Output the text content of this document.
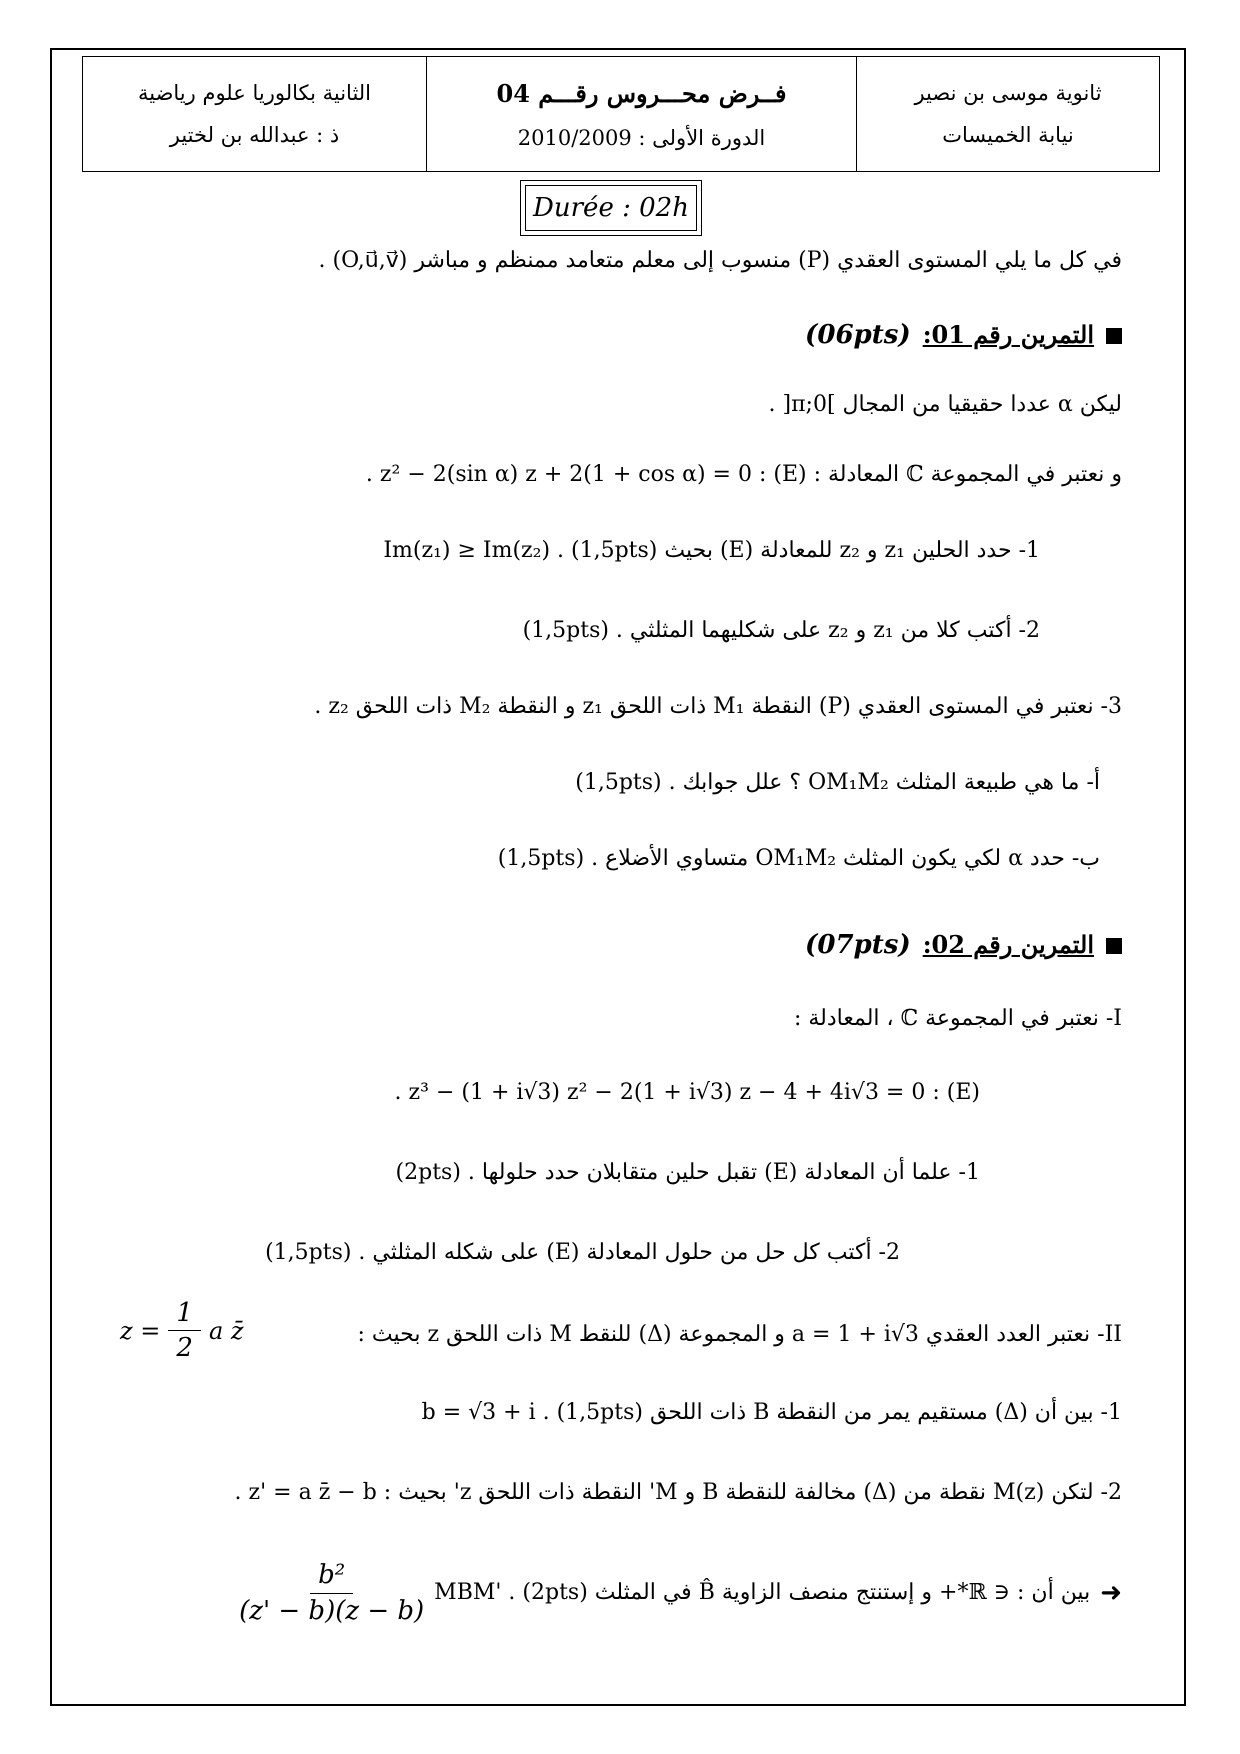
الثانية بكالوريا علوم رياضية
ذ : عبدالله بن لختير
فــرض محـــروس رقـــم 04
الدورة الأولى : 2010/2009
ثانوية موسى بن نصير
نيابة الخميسات
Durée : 02h
في كل ما يلي المستوى العقدي (P) منسوب إلى معلم متعامد ممنظم و مباشر (O,u⃗,v⃗) .
التمرين رقم 01:
(06pts)
ليكن α عددا حقيقيا من المجال ]0;π[ .
و نعتبر في المجموعة ℂ المعادلة : (E) : z² − 2(sin α) z + 2(1 + cos α) = 0 .
1- حدد الحلين z₁ و z₂ للمعادلة (E) بحيث Im(z₁) ≥ Im(z₂) . (1,5pts)
2- أكتب كلا من z₁ و z₂ على شكليهما المثلثي . (1,5pts)
3- نعتبر في المستوى العقدي (P) النقطة M₁ ذات اللحق z₁ و النقطة M₂ ذات اللحق z₂ .
أ- ما هي طبيعة المثلث OM₁M₂ ؟ علل جوابك . (1,5pts)
ب- حدد α لكي يكون المثلث OM₁M₂ متساوي الأضلاع . (1,5pts)
التمرين رقم 02:
(07pts)
I- نعتبر في المجموعة ℂ ، المعادلة :
(E) : z³ − (1 + i√3) z² − 2(1 + i√3) z − 4 + 4i√3 = 0 .
1- علما أن المعادلة (E) تقبل حلين متقابلان حدد حلولها . (2pts)
2- أكتب كل حل من حلول المعادلة (E) على شكله المثلثي . (1,5pts)
II- نعتبر العدد العقدي a = 1 + i√3 و المجموعة (Δ) للنقط M ذات اللحق z بحيث :
$z = \frac{1}{2}$ a z̄
1- بين أن (Δ) مستقيم يمر من النقطة B ذات اللحق b = √3 + i . (1,5pts)
2- لتكن M(z) نقطة من (Δ) مخالفة للنقطة B و M' النقطة ذات اللحق z' بحيث : z' = a z̄ − b .
➜
بين أن : ∈ ℝ*+ و إستنتج منصف الزاوية B̂ في المثلث MBM' . (2pts)
$\frac{\text{b²}}{(z' - b)(z - b)}$
